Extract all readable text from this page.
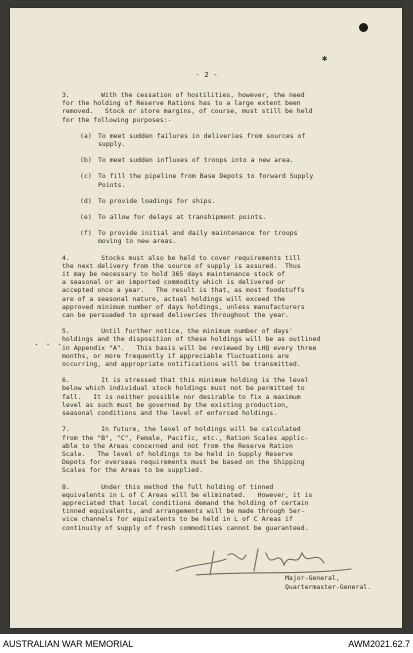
✱
. . .
- 2 -
3.        With the cessation of hostilities, however, the need
for the holding of Reserve Rations has to a large extent been
removed.   Stock or store margins, of course, must still be held
for the following purposes:-
(a) To meet sudden failures in deliveries from sources of
supply.
(b) To meet sudden influxes of troops into a new area.
(c) To fill the pipeline from Base Depots to forward Supply
Points.
(d) To provide loadings for ships.
(e) To allow for delays at transhipment points.
(f) To provide initial and daily maintenance for troops
moving to new areas.
4.        Stocks must also be held to cover requirements till
the next delivery from the source of supply is assured.  Thus
it may be necessary to hold 365 days maintenance stock of
a seasonal or an imported commodity which is delivered or
accepted once a year.   The result is that, as most foodstuffs
are of a seasonal nature, actual holdings will exceed the
approved minimum number of days holdings, unless manufacturers
can be persuaded to spread deliveries throughout the year.
5.        Until further notice, the minimum number of days'
holdings and the disposition of these holdings will be as outlined
in Appendix "A".   This basis will be reviewed by LHQ every three
months, or more frequently if appreciable fluctuations are
occurring, and appropriate notifications will be transmitted.
6.        It is stressed that this minimum holding is the level
below which individual stock holdings must not be permitted to
fall.   It is neither possible nor desirable to fix a maximum
level as such must be governed by the existing production,
seasonal conditions and the level of enforced holdings.
7.        In future, the level of holdings will be calculated
from the "B", "C", Female, Pacific, etc., Ration Scales applic-
able to the Areas concerned and not from the Reserve Ration
Scale.   The level of holdings to be held in Supply Reserve
Depots for overseas requirements must be based on the Shipping
Scales for the Areas to be supplied.
8.        Under this method the full holding of tinned
equivalents in L of C Areas will be eliminated.   However, it is
appreciated that local conditions demand the holding of certain
tinned equivalents, and arrangements will be made through Ser-
vice channels for equivalents to be held in L of C Areas if
continuity of supply of fresh commodities cannot be guaranteed.
Major-General,
Quartermaster-General.
AUSTRALIAN WAR MEMORIAL	AWM2021.62.7
